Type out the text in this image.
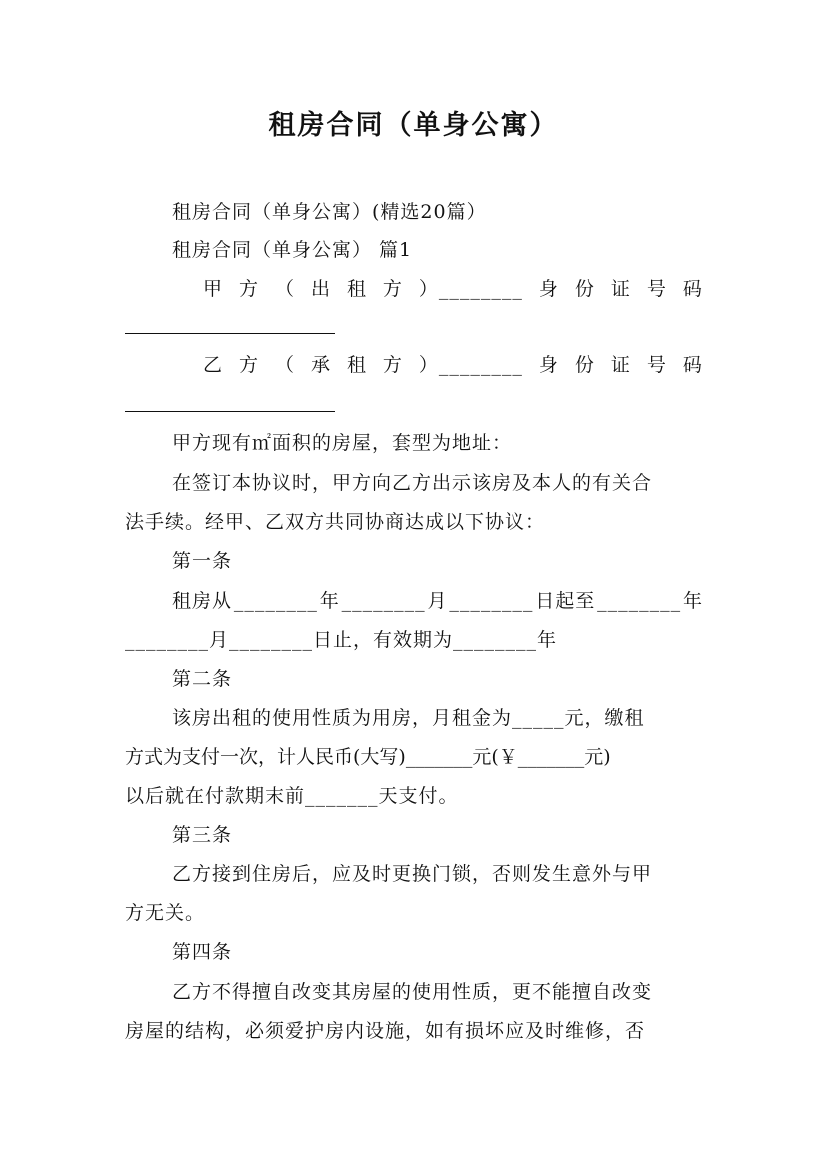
租房合同（单身公寓）
租房合同（单身公寓）(精选20篇）
租房合同（单身公寓） 篇1
甲 方 （ 出 租 方 ）________ 身 份 证 号 码
乙 方 （ 承 租 方 ）________ 身 份 证 号 码
甲方现有㎡面积的房屋，套型为地址：
在签订本协议时，甲方向乙方出示该房及本人的有关合
法手续。经甲、乙双方共同协商达成以下协议：
第一条
租房从 ________ 年 ________ 月 ________ 日起至 ________ 年
________月________日止，有效期为________年
第二条
该房出租的使用性质为用房，月租金为_____元，缴租
方式为支付一次，计人民币(大写)_______元(￥_______元)
以后就在付款期末前_______天支付。
第三条
乙方接到住房后，应及时更换门锁，否则发生意外与甲
方无关。
第四条
乙方不得擅自改变其房屋的使用性质，更不能擅自改变
房屋的结构，必须爱护房内设施，如有损坏应及时维修，否
